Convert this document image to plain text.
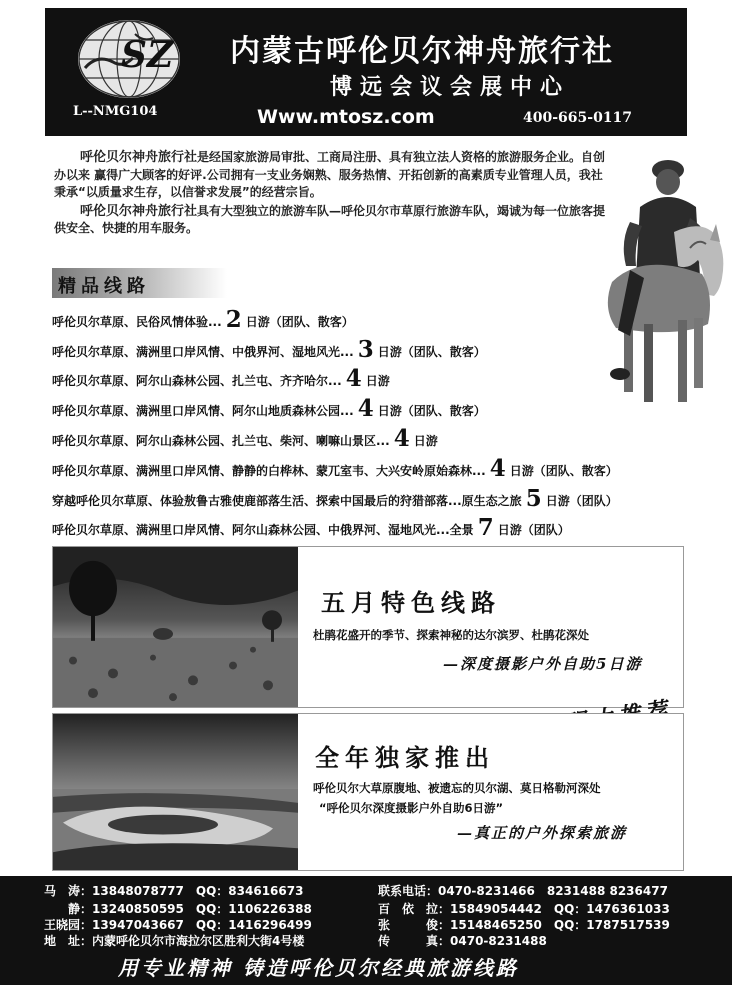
SZ
L--NMG104
内蒙古呼伦贝尔神舟旅行社
博远会议会展中心
Www.mtosz.com	400-665-0117

呼伦贝尔神舟旅行社是经国家旅游局审批、工商局注册、具有独立法人资格的旅游服务企业。自创办以来 赢得广大顾客的好评.公司拥有一支业务娴熟、服务热情、开拓创新的高素质专业管理人员，我社秉承“以质量求生存，以信誉求发展”的经营宗旨。

呼伦贝尔神舟旅行社具有大型独立的旅游车队—呼伦贝尔市草原行旅游车队，竭诚为每一位旅客提供安全、快捷的用车服务。

精品线路
呼伦贝尔草原、民俗风情体验... 2 日游（团队、散客）
呼伦贝尔草原、满洲里口岸风情、中俄界河、湿地风光... 3 日游（团队、散客）
呼伦贝尔草原、阿尔山森林公园、扎兰屯、齐齐哈尔... 4 日游
呼伦贝尔草原、满洲里口岸风情、阿尔山地质森林公园... 4 日游（团队、散客）
呼伦贝尔草原、阿尔山森林公园、扎兰屯、柴河、喇嘛山景区... 4 日游
呼伦贝尔草原、满洲里口岸风情、静静的白桦林、蒙兀室韦、大兴安岭原始森林... 4 日游（团队、散客）
穿越呼伦贝尔草原、体验敖鲁古雅使鹿部落生活、探索中国最后的狩猎部落...原生态之旅 5 日游（团队）
呼伦贝尔草原、满洲里口岸风情、阿尔山森林公园、中俄界河、湿地风光...全景 7 日游（团队）
五月特色线路
杜鹃花盛开的季节、探索神秘的达尔滨罗、杜鹃花深处
—深度摄影户外自助5日游
全年独家推出
呼伦贝尔大草原腹地、被遗忘的贝尔湖、莫日格勒河深处
“呼伦贝尔深度摄影户外自助6日游”
—真正的户外探索旅游
马　涛：13848078777　 QQ：834616673
　　静：13240850595　 QQ：1106226388
王晓园：13947043667　 QQ：1416296499
地　址：内蒙呼伦贝尔市海拉尔区胜利大街4号楼
联系电话：0470-8231466　8231488 8236477
百　依　拉：15849054442　 QQ：1476361033
张　　　俊：15148465250　 QQ：1787517539
传　　　真：0470-8231488
用专业精神 铸造呼伦贝尔经典旅游线路
